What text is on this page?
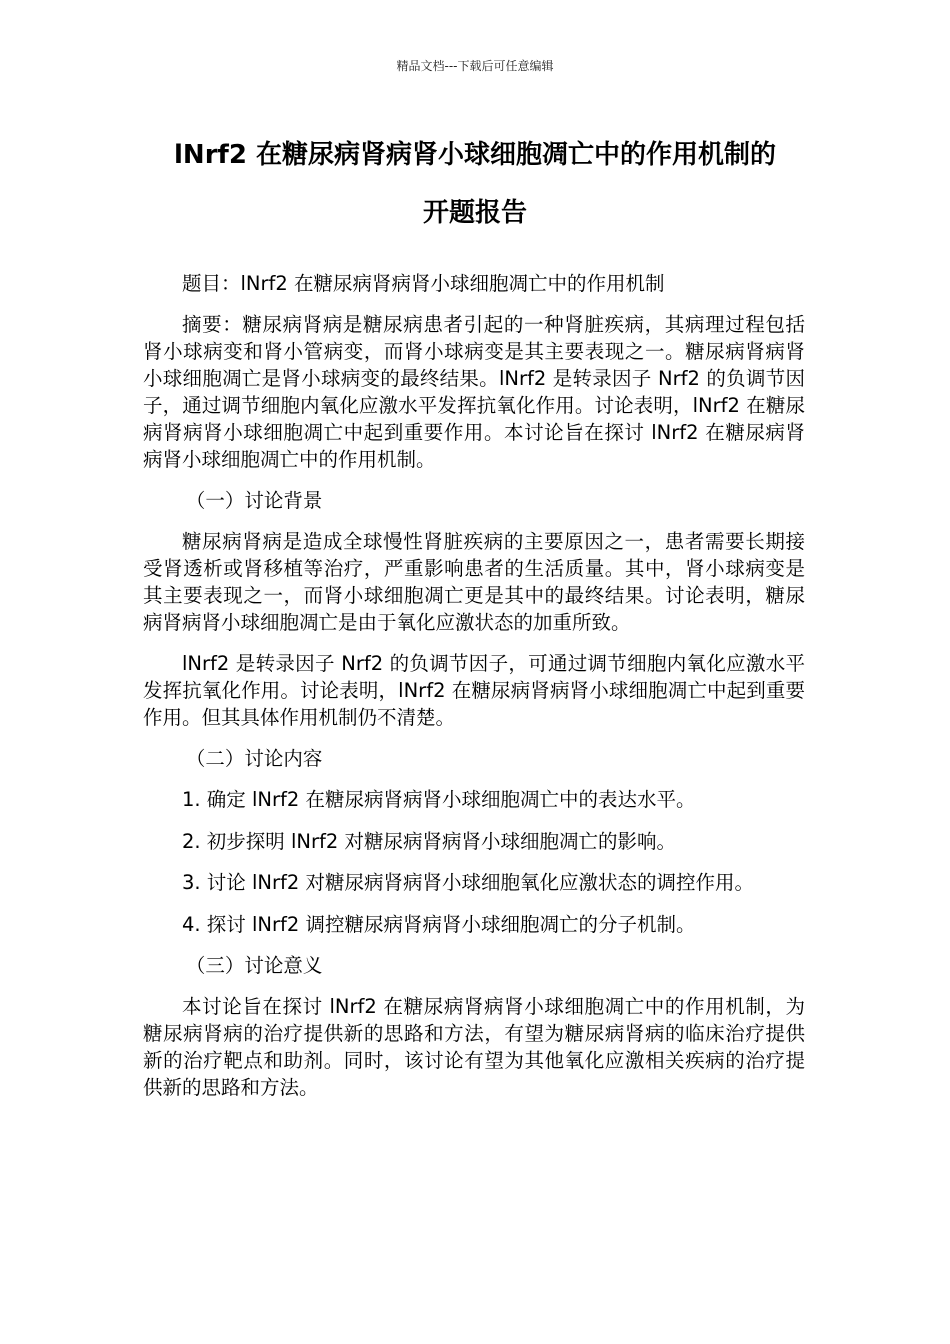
精品文档---下载后可任意编辑
lNrf2 在糖尿病肾病肾小球细胞凋亡中的作用机制的
开题报告

题目：lNrf2 在糖尿病肾病肾小球细胞凋亡中的作用机制

摘要：糖尿病肾病是糖尿病患者引起的一种肾脏疾病，其病理过程包括肾小球病变和肾小管病变，而肾小球病变是其主要表现之一。糖尿病肾病肾小球细胞凋亡是肾小球病变的最终结果。lNrf2 是转录因子 Nrf2 的负调节因子，通过调节细胞内氧化应激水平发挥抗氧化作用。讨论表明，lNrf2 在糖尿病肾病肾小球细胞凋亡中起到重要作用。本讨论旨在探讨 lNrf2 在糖尿病肾病肾小球细胞凋亡中的作用机制。

（一）讨论背景

糖尿病肾病是造成全球慢性肾脏疾病的主要原因之一，患者需要长期接受肾透析或肾移植等治疗，严重影响患者的生活质量。其中，肾小球病变是其主要表现之一，而肾小球细胞凋亡更是其中的最终结果。讨论表明，糖尿病肾病肾小球细胞凋亡是由于氧化应激状态的加重所致。

lNrf2 是转录因子 Nrf2 的负调节因子，可通过调节细胞内氧化应激水平发挥抗氧化作用。讨论表明，lNrf2 在糖尿病肾病肾小球细胞凋亡中起到重要作用。但其具体作用机制仍不清楚。

（二）讨论内容

1. 确定 lNrf2 在糖尿病肾病肾小球细胞凋亡中的表达水平。

2. 初步探明 lNrf2 对糖尿病肾病肾小球细胞凋亡的影响。

3. 讨论 lNrf2 对糖尿病肾病肾小球细胞氧化应激状态的调控作用。

4. 探讨 lNrf2 调控糖尿病肾病肾小球细胞凋亡的分子机制。

（三）讨论意义

本讨论旨在探讨 lNrf2 在糖尿病肾病肾小球细胞凋亡中的作用机制，为糖尿病肾病的治疗提供新的思路和方法，有望为糖尿病肾病的临床治疗提供新的治疗靶点和助剂。同时，该讨论有望为其他氧化应激相关疾病的治疗提供新的思路和方法。
